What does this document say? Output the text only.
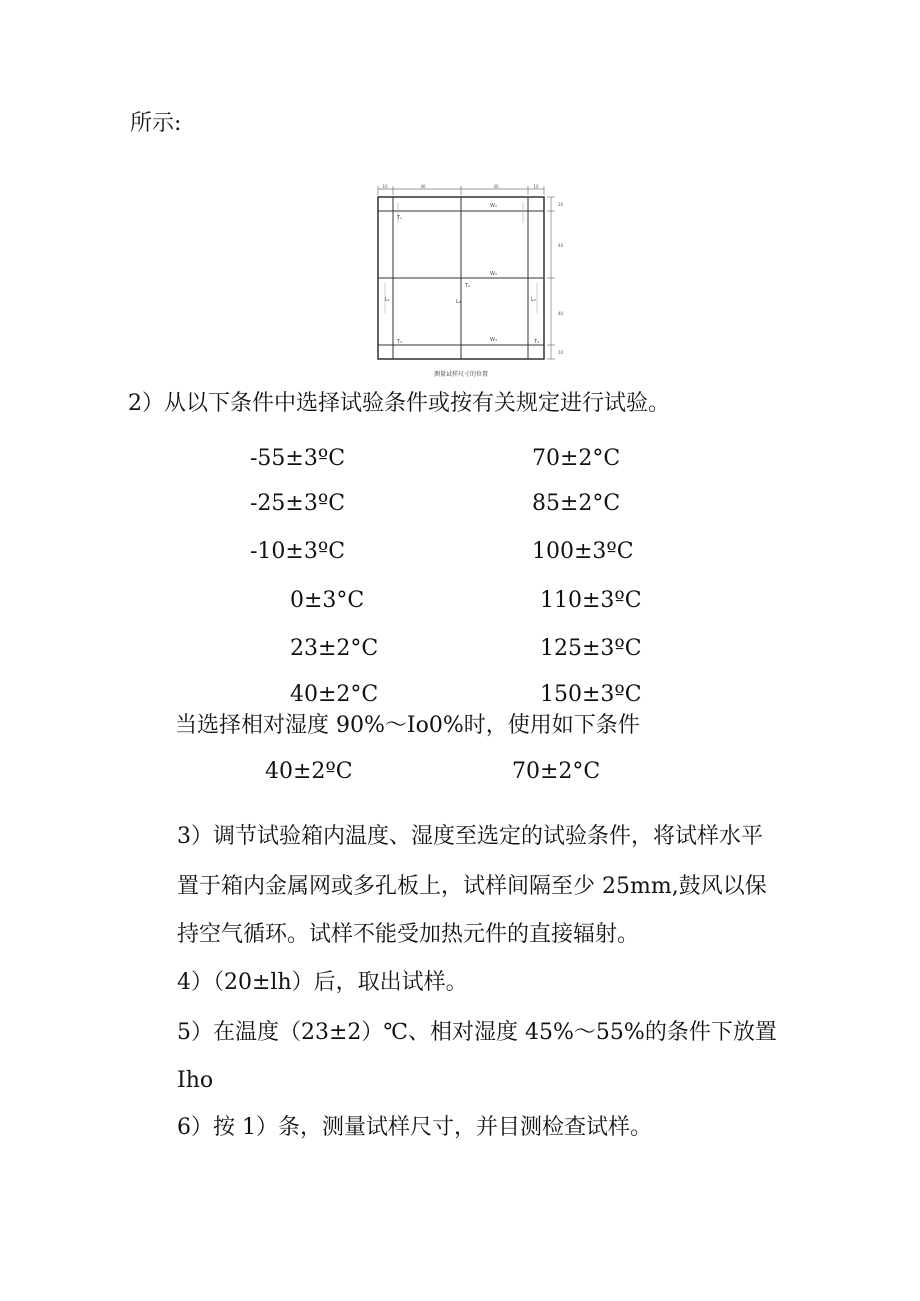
所示:
10	40	40	10
10
40
40
10
T₁
W₁
W₂
T₂
L₁	L₂	L₃
W₃
T₃	T₄
测量试样尺寸的位置
2）从以下条件中选择试验条件或按有关规定进行试验。
-55±3ºC	70±2°C
-25±3ºC	85±2°C
-10±3ºC	100±3ºC
0±3°C	110±3ºC
23±2°C	125±3ºC
40±2°C	150±3ºC
当选择相对湿度 90%～Io0%时，使用如下条件
40±2ºC	70±2°C
3）调节试验箱内温度、湿度至选定的试验条件，将试样水平
置于箱内金属网或多孔板上，试样间隔至少 25mm,鼓风以保
持空气循环。试样不能受加热元件的直接辐射。
4）（20±lh）后，取出试样。
5）在温度（23±2）℃、相对湿度 45%～55%的条件下放置
Iho
6）按 1）条，测量试样尺寸，并目测检查试样。
